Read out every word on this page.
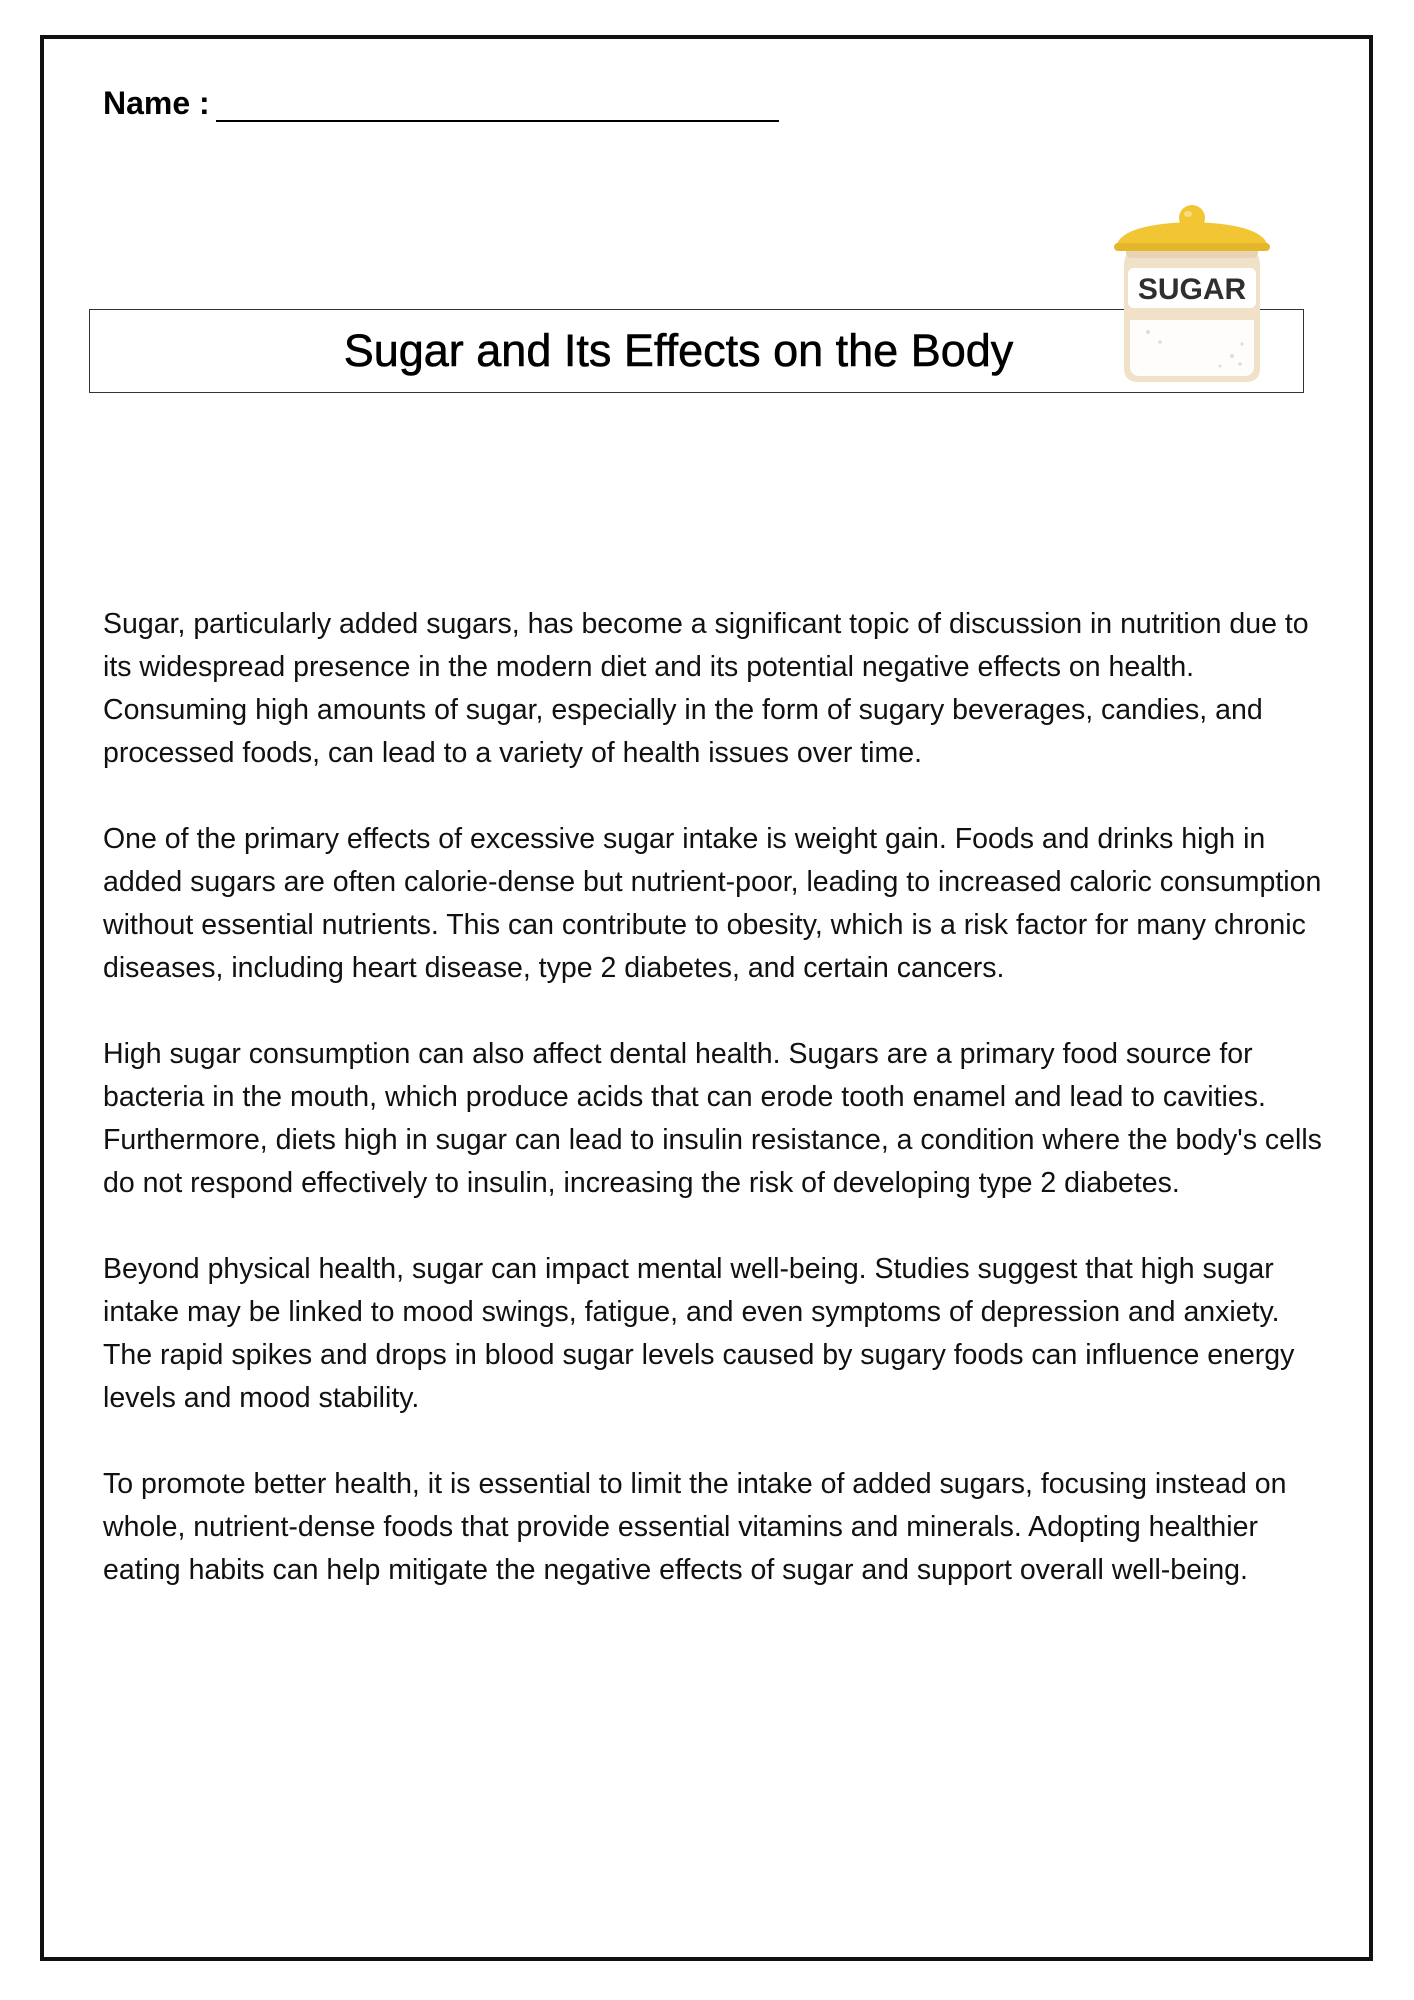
Name :
Sugar and Its Effects on the Body
SUGAR

Sugar, particularly added sugars, has become a significant topic of discussion in nutrition due to its widespread presence in the modern diet and its potential negative effects on health. Consuming high amounts of sugar, especially in the form of sugary beverages, candies, and processed foods, can lead to a variety of health issues over time.

One of the primary effects of excessive sugar intake is weight gain. Foods and drinks high in added sugars are often calorie-dense but nutrient-poor, leading to increased caloric consumption without essential nutrients. This can contribute to obesity, which is a risk factor for many chronic diseases, including heart disease, type 2 diabetes, and certain cancers.

High sugar consumption can also affect dental health. Sugars are a primary food source for bacteria in the mouth, which produce acids that can erode tooth enamel and lead to cavities. Furthermore, diets high in sugar can lead to insulin resistance, a condition where the body's cells do not respond effectively to insulin, increasing the risk of developing type 2 diabetes.

Beyond physical health, sugar can impact mental well-being. Studies suggest that high sugar intake may be linked to mood swings, fatigue, and even symptoms of depression and anxiety. The rapid spikes and drops in blood sugar levels caused by sugary foods can influence energy levels and mood stability.

To promote better health, it is essential to limit the intake of added sugars, focusing instead on whole, nutrient-dense foods that provide essential vitamins and minerals. Adopting healthier eating habits can help mitigate the negative effects of sugar and support overall well-being.
